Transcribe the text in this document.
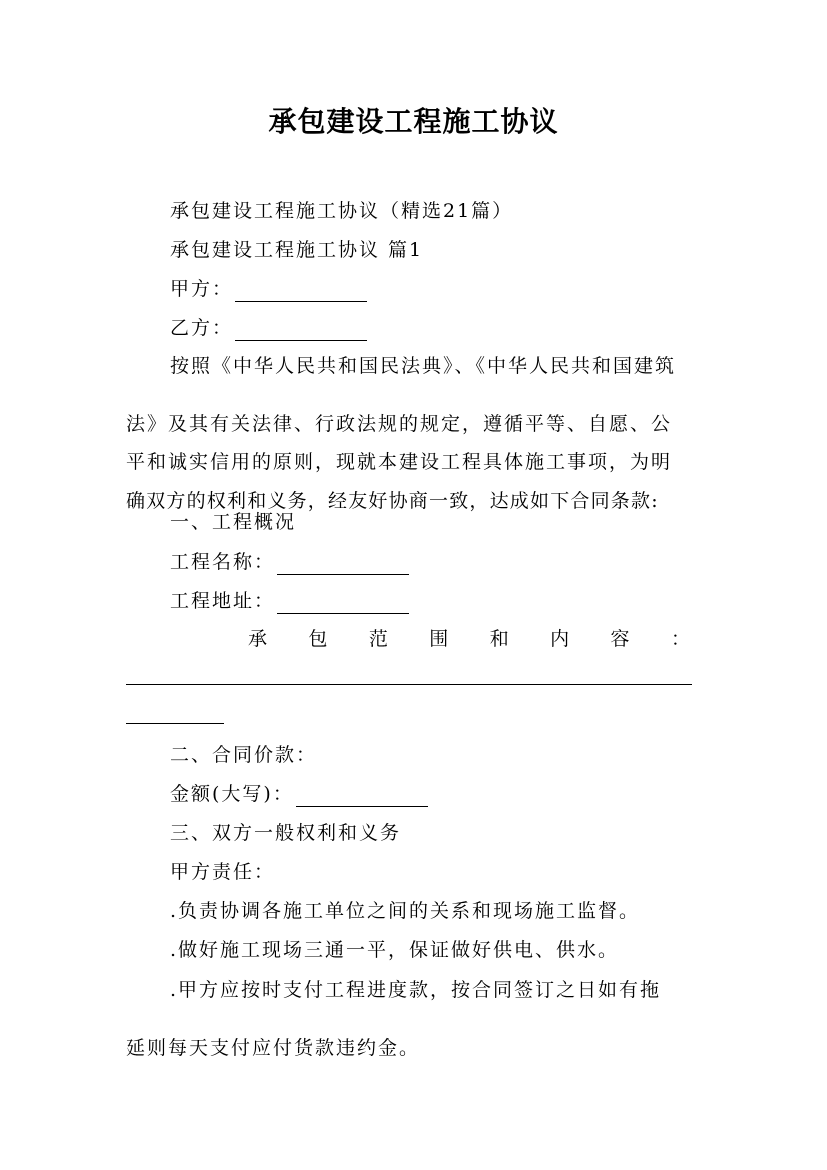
承包建设工程施工协议

承包建设工程施工协议（精选21篇）

承包建设工程施工协议 篇1

甲方：

乙方：

按照《中华人民共和国民法典》、《中华人民共和国建筑

法》及其有关法律、行政法规的规定，遵循平等、自愿、公

平和诚实信用的原则，现就本建设工程具体施工事项，为明

确双方的权利和义务，经友好协商一致，达成如下合同条款:

一、工程概况

工程名称：

工程地址：

承 包 范 围 和 内 容 ：

二、合同价款：

金额(大写)：

三、双方一般权利和义务

甲方责任：

.负责协调各施工单位之间的关系和现场施工监督。

.做好施工现场三通一平，保证做好供电、供水。

.甲方应按时支付工程进度款，按合同签订之日如有拖

延则每天支付应付货款违约金。
